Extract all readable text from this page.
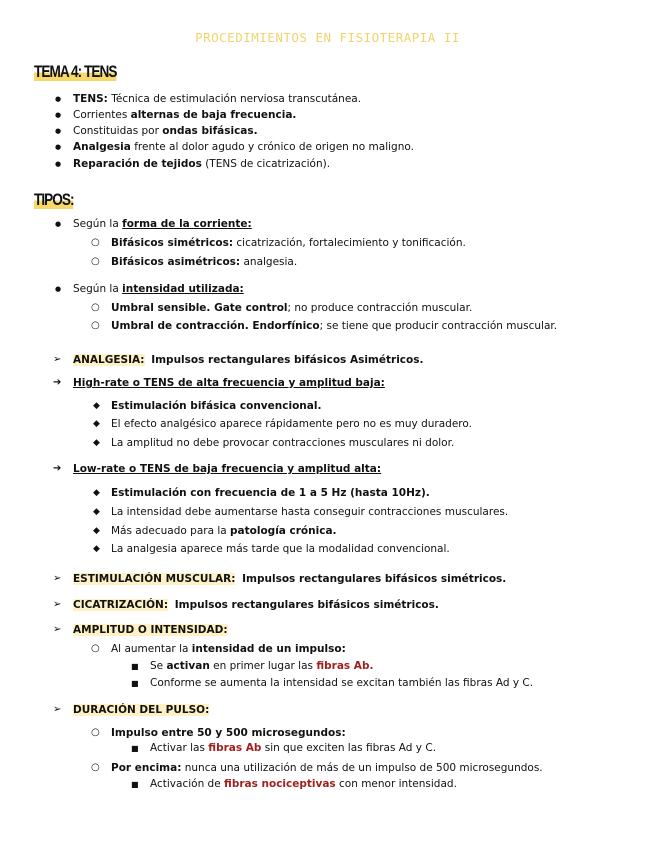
PROCEDIMIENTOS EN FISIOTERAPIA II
TEMA 4: TENS
● TENS: Técnica de estimulación nerviosa transcutánea.
● Corrientes alternas de baja frecuencia.
● Constituidas por ondas bifásicas.
● Analgesia frente al dolor agudo y crónico de origen no maligno.
● Reparación de tejidos (TENS de cicatrización).
TIPOS:
● Según la forma de la corriente:
○ Bifásicos simétricos: cicatrización, fortalecimiento y tonificación.
○ Bifásicos asimétricos: analgesia.
● Según la intensidad utilizada:
○ Umbral sensible. Gate control; no produce contracción muscular.
○ Umbral de contracción. Endorfínico; se tiene que producir contracción muscular.
➢ ANALGESIA: Impulsos rectangulares bifásicos Asimétricos.
➔ High-rate o TENS de alta frecuencia y amplitud baja:
◆ Estimulación bifásica convencional.
◆ El efecto analgésico aparece rápidamente pero no es muy duradero.
◆ La amplitud no debe provocar contracciones musculares ni dolor.
➔ Low-rate o TENS de baja frecuencia y amplitud alta:
◆ Estimulación con frecuencia de 1 a 5 Hz (hasta 10Hz).
◆ La intensidad debe aumentarse hasta conseguir contracciones musculares.
◆ Más adecuado para la patología crónica.
◆ La analgesia aparece más tarde que la modalidad convencional.
➢ ESTIMULACIÓN MUSCULAR: Impulsos rectangulares bifásicos simétricos.
➢ CICATRIZACIÓN: Impulsos rectangulares bifásicos simétricos.
➢ AMPLITUD O INTENSIDAD:
○ Al aumentar la intensidad de un impulso:
■ Se activan en primer lugar las fibras Ab.
■ Conforme se aumenta la intensidad se excitan también las fibras Ad y C.
➢ DURACIÓN DEL PULSO:
○ Impulso entre 50 y 500 microsegundos:
■ Activar las fibras Ab sin que exciten las fibras Ad y C.
○ Por encima: nunca una utilización de más de un impulso de 500 microsegundos.
■ Activación de fibras nociceptivas con menor intensidad.
